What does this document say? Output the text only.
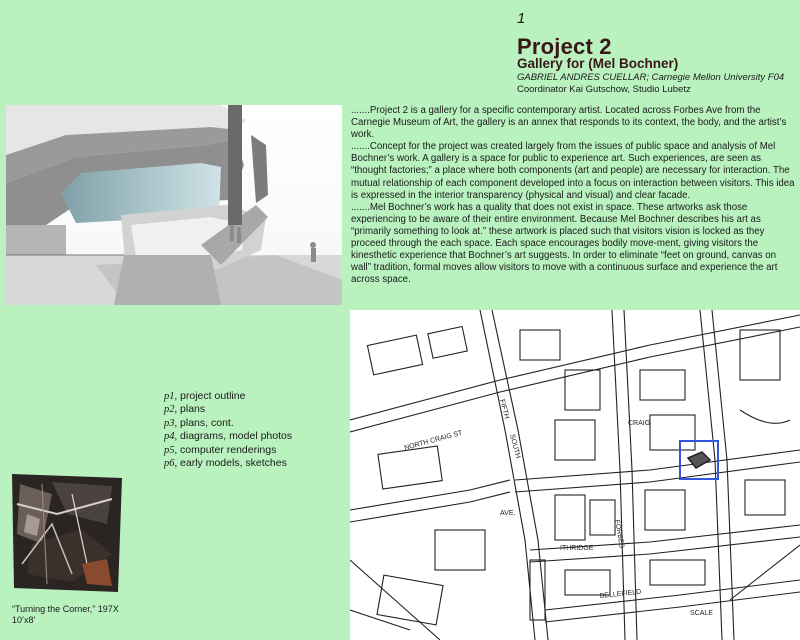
1
Project 2
Gallery for (Mel Bochner)
GABRIEL ANDRES CUELLAR; Carnegie Mellon University F04
Coordinator Kai Gutschow, Studio Lubetz

.......Project 2 is a gallery for a specific contemporary artist. Located across Forbes Ave from the Carnegie Museum of Art, the gallery is an annex that responds to its context, the body, and the artist’s work.

.......Concept for the project was created largely from the issues of public space and analysis of Mel Bochner’s work. A gallery is a space for public to experience art. Such experiences, are seen as “thought factories;” a place where both components (art and people) are necessary for interaction. The mutual relationship of each component developed into a focus on interaction between visitors. This idea is expressed in the interior transparency (physical and visual) and clear facade.

.......Mel Bochner’s work has a quality that does not exist in space. These artworks ask those experiencing to be aware of their entire environment. Because Mel Bochner describes his art as “primarily something to look at.” these artwork is placed such that visitors vision is locked as they proceed through the each space. Each space encourages bodily move-ment, giving visitors the kinesthetic experience that Bochner’s art suggests. In order to eliminate “feet on ground, canvas on wall” tradition, formal moves allow visitors to move with a continuous surface and experience the art across space.

FIFTH
CRAIG
SOUTH
NORTH CRAIG ST
AVE.
FORBES
BELLEFIELD
ITHRIDGE
SCALE
p1, project outline
p2, plans
p3, plans, cont.
p4, diagrams, model photos
p5, computer renderings
p6, early models, sketches
“Turning the Corner,” 197X
10’x8’
